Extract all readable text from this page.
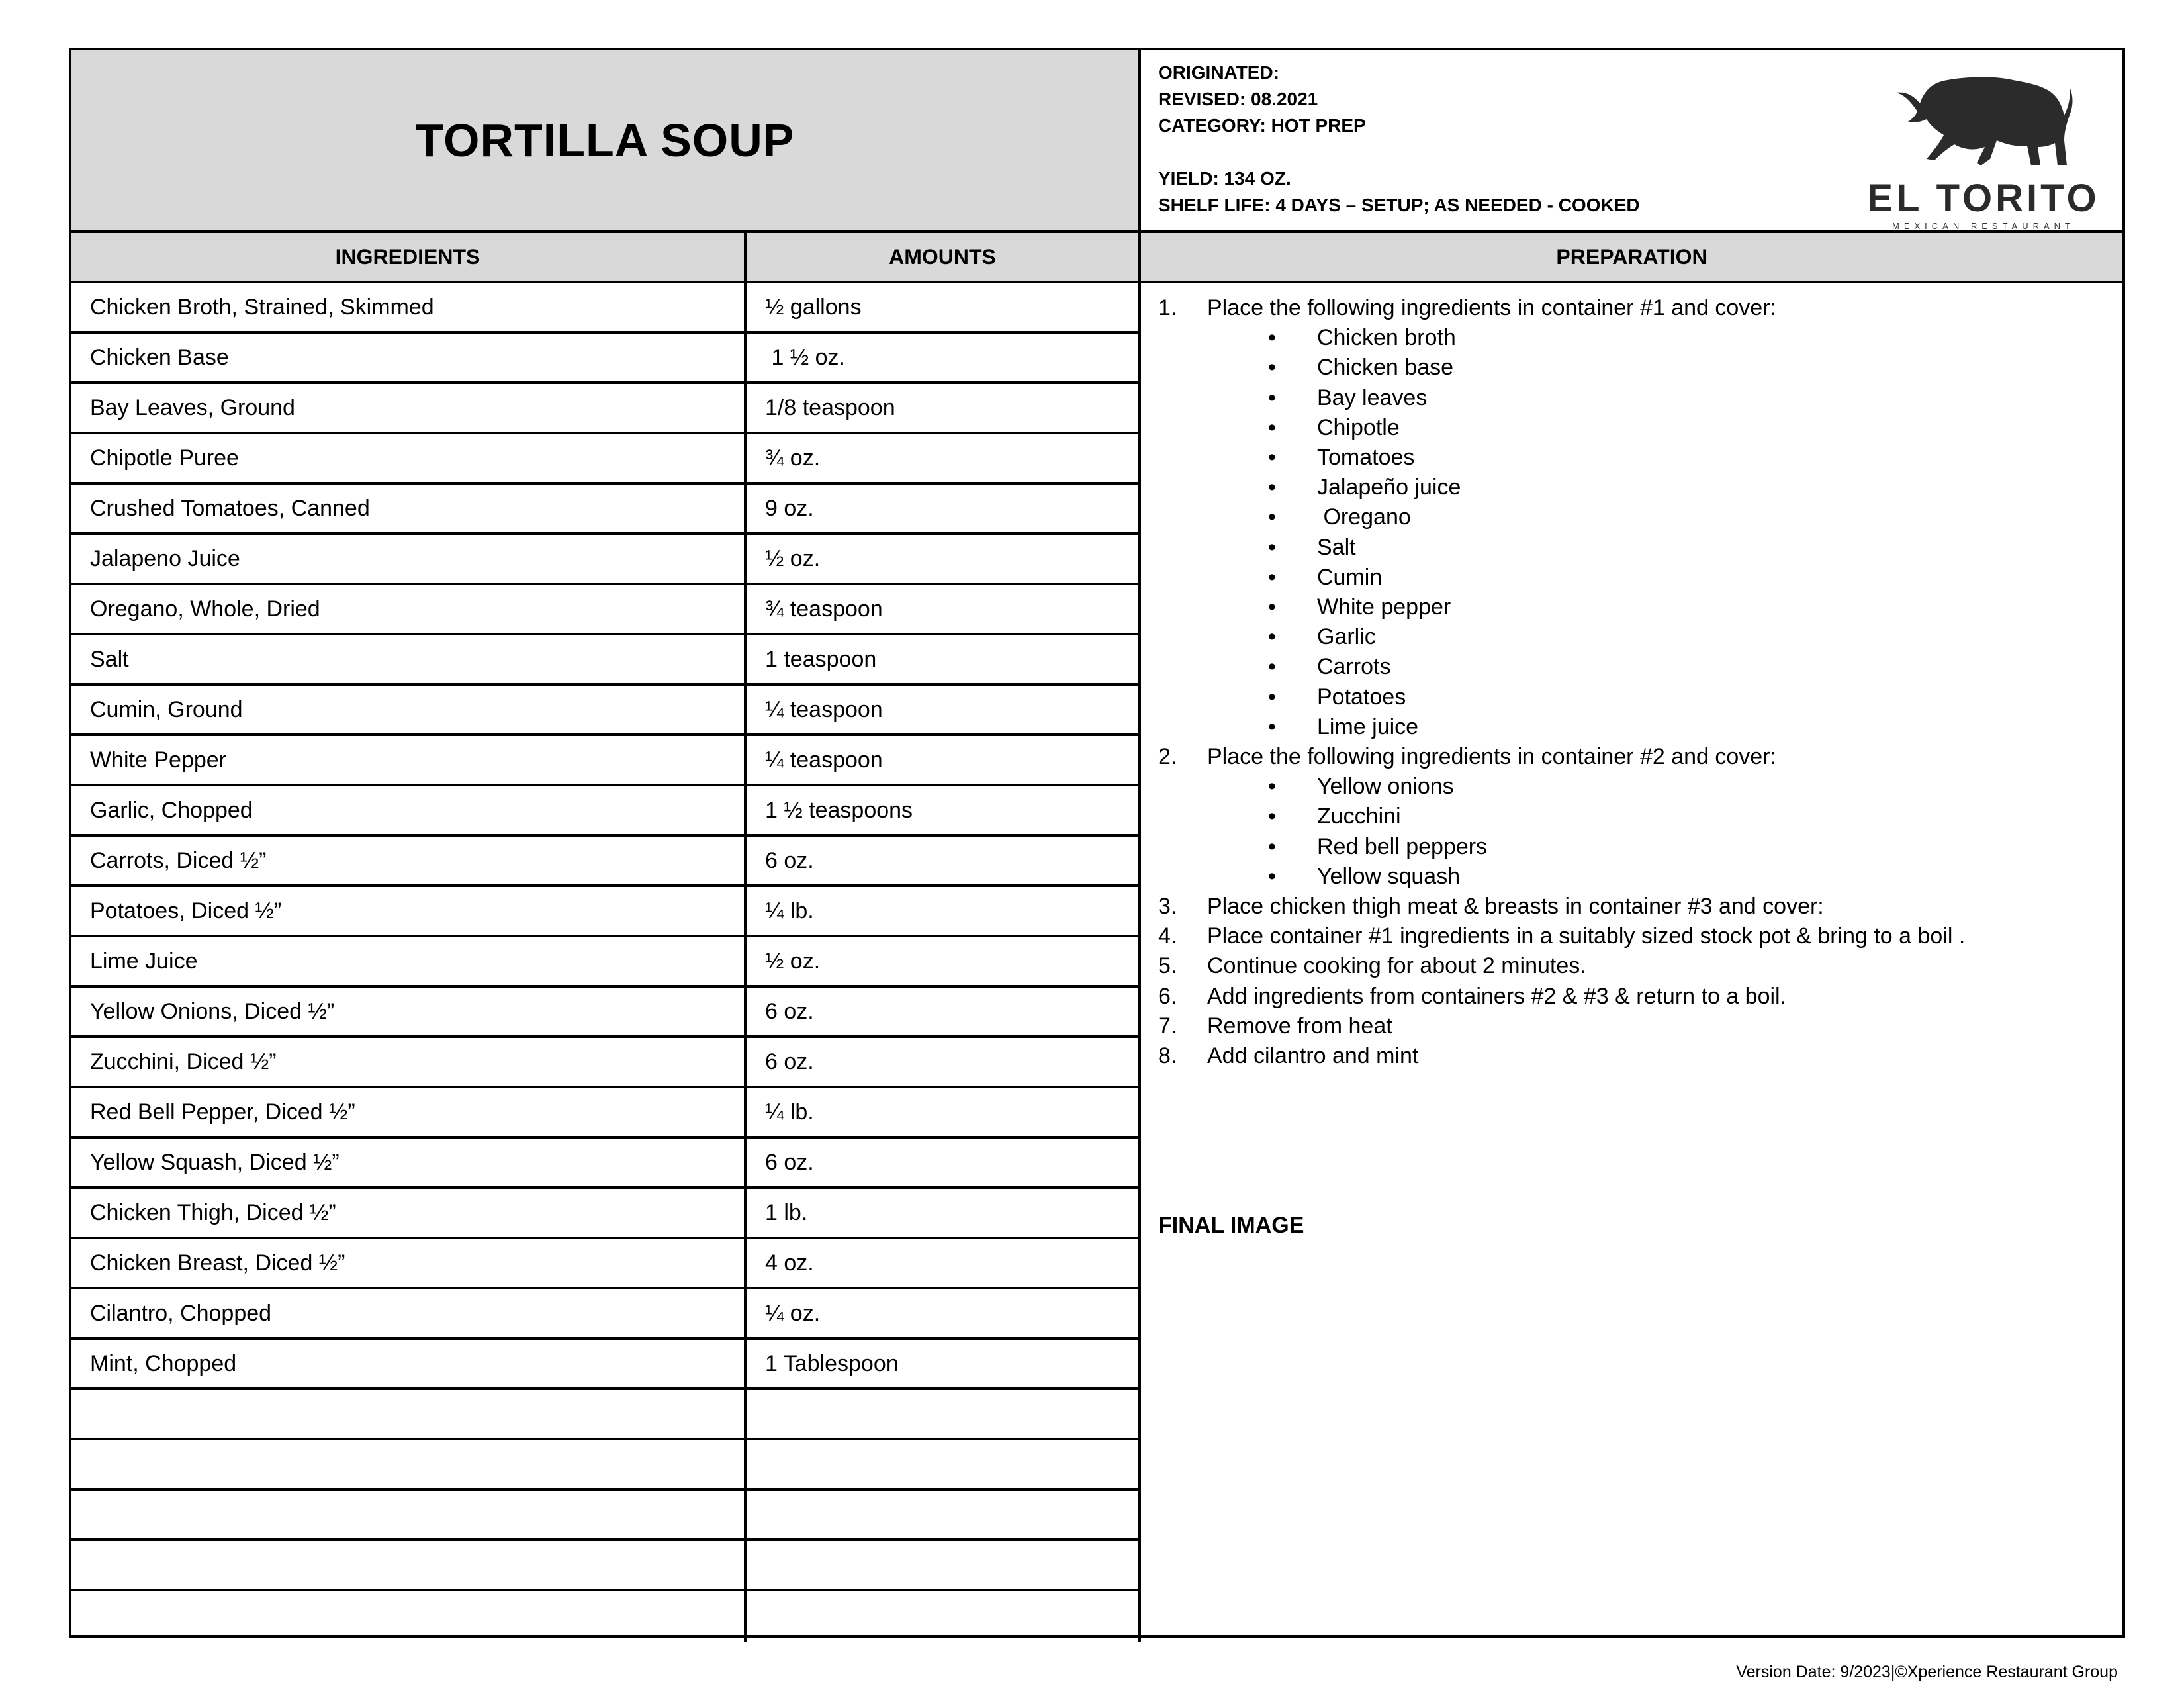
TORTILLA SOUP
ORIGINATED:
REVISED: 08.2021
CATEGORY: HOT PREP
YIELD: 134 OZ.
SHELF LIFE: 4 DAYS – SETUP; AS NEEDED - COOKED	EL TORITO
MEXICAN RESTAURANT
INGREDIENTS	AMOUNTS	PREPARATION
Chicken Broth, Strained, Skimmed	½ gallons
Chicken Base	1 ½ oz.
Bay Leaves, Ground	1/8 teaspoon
Chipotle Puree	¾ oz.
Crushed Tomatoes, Canned	9 oz.
Jalapeno Juice	½ oz.
Oregano, Whole, Dried	¾ teaspoon
Salt	1 teaspoon
Cumin, Ground	¼ teaspoon
White Pepper	¼ teaspoon
Garlic, Chopped	1 ½ teaspoons
Carrots, Diced ½”	6 oz.
Potatoes, Diced ½”	¼ lb.
Lime Juice	½ oz.
Yellow Onions, Diced ½”	6 oz.
Zucchini, Diced ½”	6 oz.
Red Bell Pepper, Diced ½”	¼ lb.
Yellow Squash, Diced ½”	6 oz.
Chicken Thigh, Diced ½”	1 lb.
Chicken Breast, Diced ½”	4 oz.
Cilantro, Chopped	¼ oz.
Mint, Chopped	1 Tablespoon
FINAL IMAGE
1.	Place the following ingredients in container #1 and cover:
•	Chicken broth
•	Chicken base
•	Bay leaves
•	Chipotle
•	Tomatoes
•	Jalapeño juice
•	Oregano
•	Salt
•	Cumin
•	White pepper
•	Garlic
•	Carrots
•	Potatoes
•	Lime juice
2.	Place the following ingredients in container #2 and cover:
•	Yellow onions
•	Zucchini
•	Red bell peppers
•	Yellow squash
3.	Place chicken thigh meat & breasts in container #3 and cover:
4.	Place container #1 ingredients in a suitably sized stock pot & bring to a boil .
5.	Continue cooking for about 2 minutes.
6.	Add ingredients from containers #2 & #3 & return to a boil.
7.	Remove from heat
8.	Add cilantro and mint
Version Date: 9/2023|©Xperience Restaurant Group
